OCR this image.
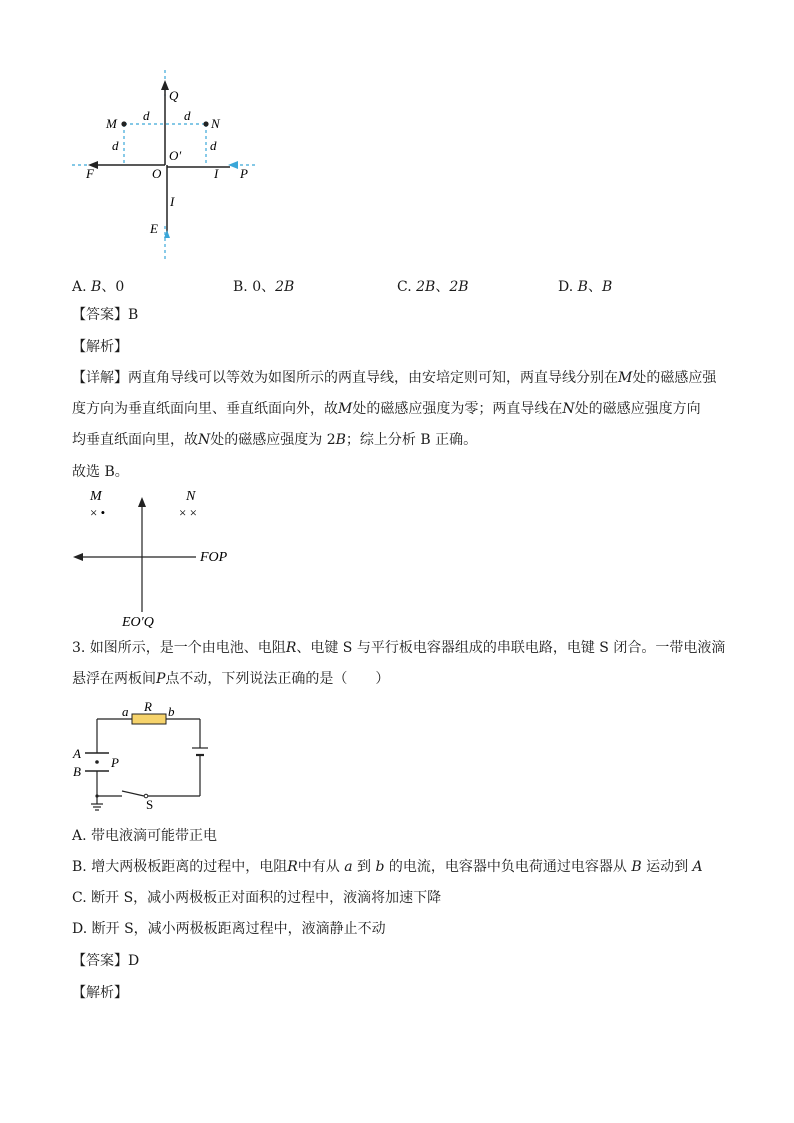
Q
M
d	d
N
d	d
O′
F	O	I P
I
E
A. B、0	B. 0、2B	C. 2B、2B	D. B、B
【答案】B
【解析】
【详解】两直角导线可以等效为如图所示的两直导线，由安培定则可知，两直导线分别在M处的磁感应强
度方向为垂直纸面向里、垂直纸面向外，故M处的磁感应强度为零；两直导线在N处的磁感应强度方向
均垂直纸面向里，故N处的磁感应强度为 2B；综上分析 B 正确。
故选 B。
M	N
× •	× ×
FOP
EO′Q
3. 如图所示，是一个由电池、电阻R、电键 S 与平行板电容器组成的串联电路，电键 S 闭合。一带电液滴
悬浮在两板间P点不动，下列说法正确的是（　　）
a R b
A
P
B
S
A. 带电液滴可能带正电
B. 增大两极板距离的过程中，电阻R中有从 a 到 b 的电流，电容器中负电荷通过电容器从 B 运动到 A
C. 断开 S，减小两极板正对面积的过程中，液滴将加速下降
D. 断开 S，减小两极板距离过程中，液滴静止不动
【答案】D
【解析】
